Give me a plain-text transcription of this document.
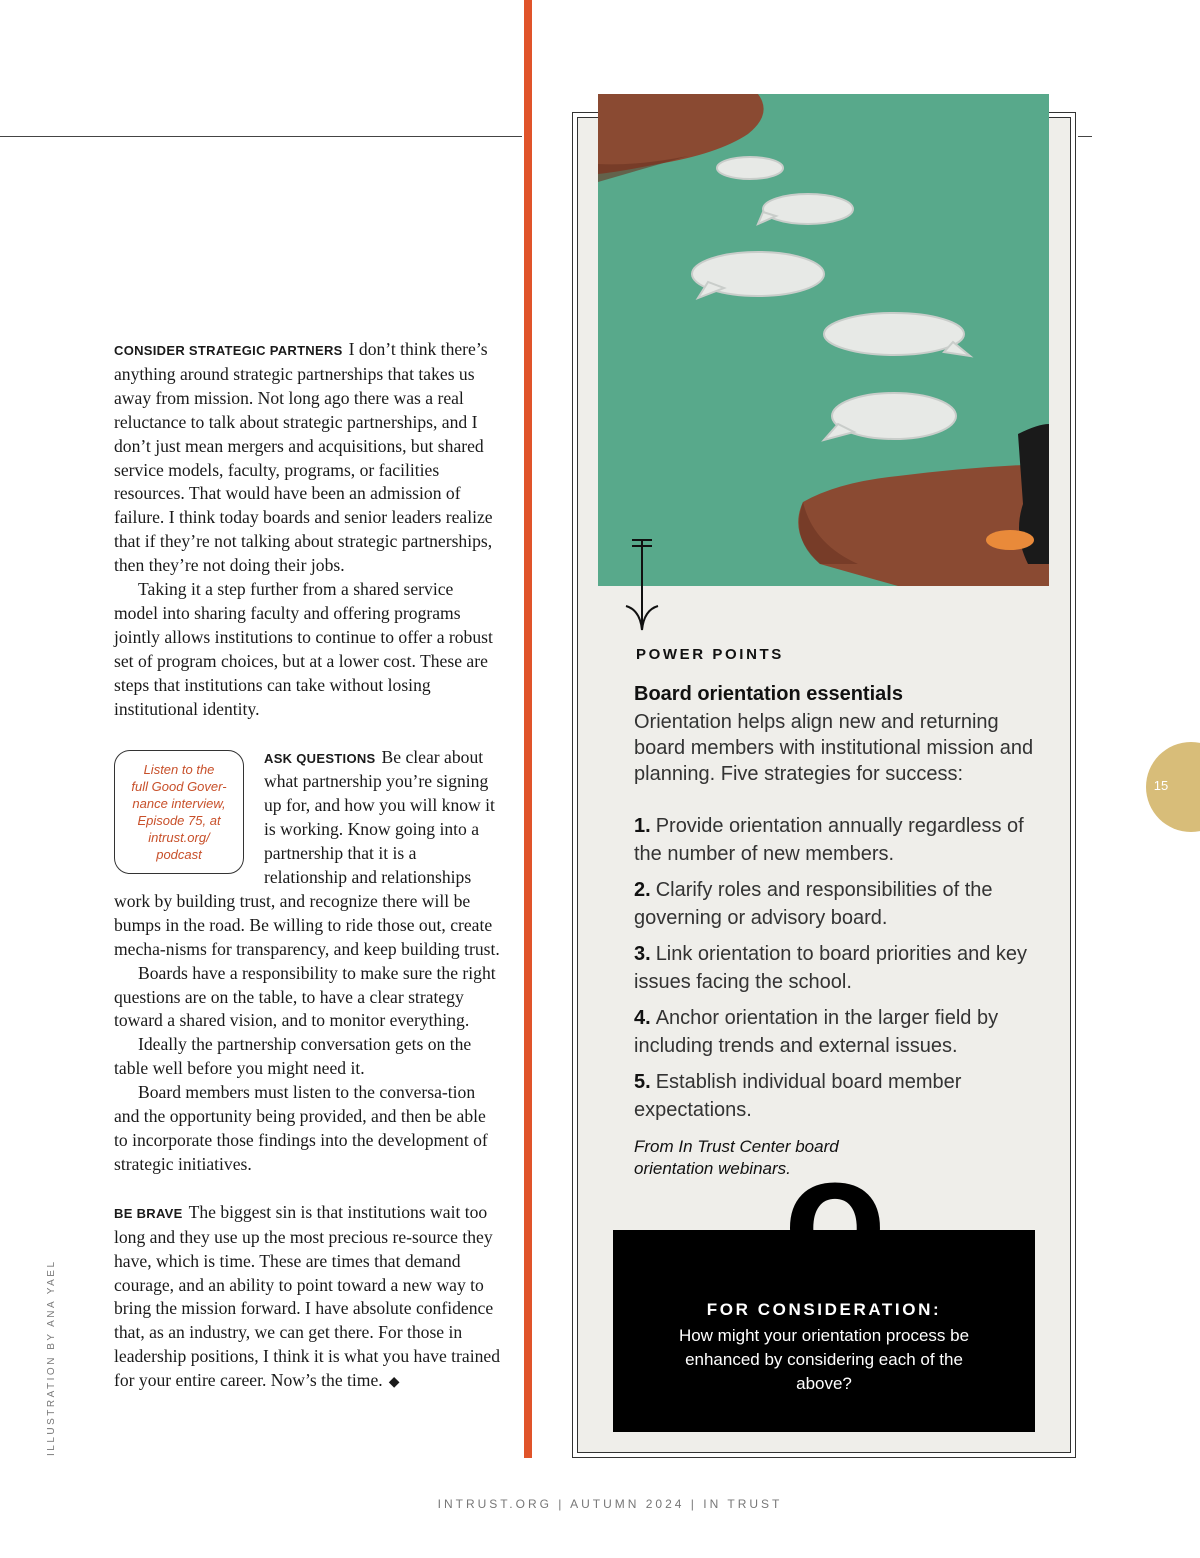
CONSIDER STRATEGIC PARTNERS I don’t think there’s anything around strategic partnerships that takes us away from mission. Not long ago there was a real reluctance to talk about strategic partnerships, and I don’t just mean mergers and acquisitions, but shared service models, faculty, programs, or facilities resources. That would have been an admission of failure. I think today boards and senior leaders realize that if they’re not talking about strategic partnerships, then they’re not doing their jobs.

Taking it a step further from a shared service model into sharing faculty and offering programs jointly allows institutions to continue to offer a robust set of program choices, but at a lower cost. These are steps that institutions can take without losing institutional identity.

Listen to the
full Good Gover-
nance interview,
Episode 75, at
intrust.org/
podcast

ASK QUESTIONS Be clear about what partnership you’re signing up for, and how you will know it is working. Know going into a partnership that it is a relationship and relationships work by building trust, and recognize there will be bumps in the road. Be willing to ride those out, create mecha-nisms for transparency, and keep building trust.

Boards have a responsibility to make sure the right questions are on the table, to have a clear strategy toward a shared vision, and to monitor everything.

Ideally the partnership conversation gets on the table well before you might need it.

Board members must listen to the conversa-tion and the opportunity being provided, and then be able to incorporate those findings into the development of strategic initiatives.

BE BRAVE The biggest sin is that institutions wait too long and they use up the most precious re-source they have, which is time. These are times that demand courage, and an ability to point toward a new way to bring the mission forward. I have absolute confidence that, as an industry, we can get there. For those in leadership positions, I think it is what you have trained for your entire career. Now’s the time. ◆

ILLUSTRATION BY ANA YAEL
POWER POINTS
Board orientation essentials
Orientation helps align new and returning board members with institutional mission and planning. Five strategies for success:
1. Provide orientation annually regardless of the number of new members.
2. Clarify roles and responsibilities of the governing or advisory board.
3. Link orientation to board priorities and key issues facing the school.
4. Anchor orientation in the larger field by including trends and external issues.
5. Establish individual board member expectations.
From In Trust Center board orientation webinars.
Q
FOR CONSIDERATION:
How might your orientation process be enhanced by considering each of the above?
15
INTRUST.ORG | AUTUMN 2024 | IN TRUST
